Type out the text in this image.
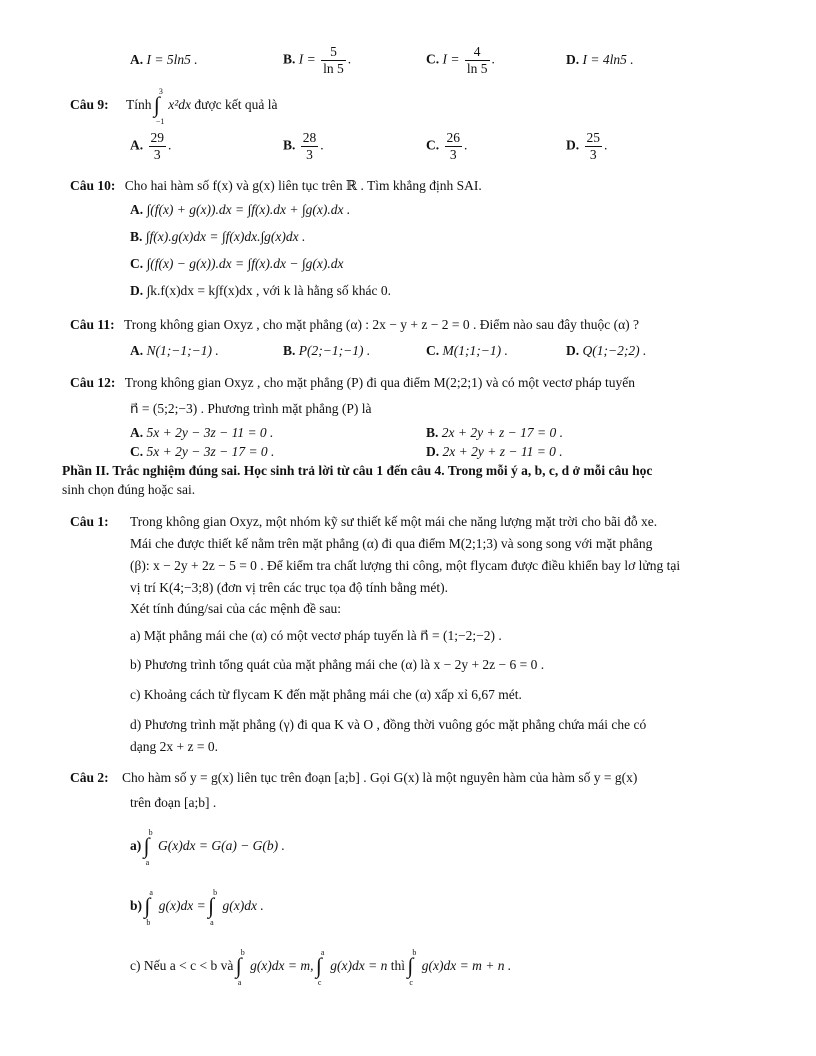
A. I = 5ln5 .	B. $I = \frac{5}{\ln 5}$ .	C. $I = \frac{4}{\ln 5}$ .	D. I = 4ln5 .
Câu 9: Tính
3
∫
−1
x²dx được kết quả là
A. $\frac{29}{3}$ .	B. $\frac{28}{3}$ .	C. $\frac{26}{3}$ .	D. $\frac{25}{3}$ .
Câu 10: Cho hai hàm số f(x) và g(x) liên tục trên ℝ . Tìm khẳng định SAI.
A. ∫(f(x) + g(x)).dx = ∫f(x).dx + ∫g(x).dx .
B. ∫f(x).g(x)dx = ∫f(x)dx.∫g(x)dx .
C. ∫(f(x) − g(x)).dx = ∫f(x).dx − ∫g(x).dx
D. ∫k.f(x)dx = k∫f(x)dx , với k là hằng số khác 0.
Câu 11: Trong không gian Oxyz , cho mặt phẳng (α) : 2x − y + z − 2 = 0 . Điểm nào sau đây thuộc (α) ?
A. N(1;−1;−1) .	B. P(2;−1;−1) .	C. M(1;1;−1) .	D. Q(1;−2;2) .
Câu 12: Trong không gian Oxyz , cho mặt phẳng (P) đi qua điểm M(2;2;1) và có một vectơ pháp tuyến
n⃗ = (5;2;−3) . Phương trình mặt phẳng (P) là
A. 5x + 2y − 3z − 11 = 0 .	B. 2x + 2y + z − 17 = 0 .
C. 5x + 2y − 3z − 17 = 0 .	D. 2x + 2y + z − 11 = 0 .
Phần II. Trắc nghiệm đúng sai. Học sinh trả lời từ câu 1 đến câu 4. Trong mỗi ý a, b, c, d ở mỗi câu học
sinh chọn đúng hoặc sai.
Câu 1: Trong không gian Oxyz, một nhóm kỹ sư thiết kế một mái che năng lượng mặt trời cho bãi đỗ xe.
Mái che được thiết kế nằm trên mặt phẳng (α) đi qua điểm M(2;1;3) và song song với mặt phẳng
(β): x − 2y + 2z − 5 = 0 . Để kiểm tra chất lượng thi công, một flycam được điều khiển bay lơ lửng tại
vị trí K(4;−3;8) (đơn vị trên các trục tọa độ tính bằng mét).
Xét tính đúng/sai của các mệnh đề sau:
a) Mặt phẳng mái che (α) có một vectơ pháp tuyến là n⃗ = (1;−2;−2) .
b) Phương trình tổng quát của mặt phẳng mái che (α) là x − 2y + 2z − 6 = 0 .
c) Khoảng cách từ flycam K đến mặt phẳng mái che (α) xấp xỉ 6,67 mét.
d) Phương trình mặt phẳng (γ) đi qua K và O , đồng thời vuông góc mặt phẳng chứa mái che có
dạng 2x + z = 0.
Câu 2: Cho hàm số y = g(x) liên tục trên đoạn [a;b] . Gọi G(x) là một nguyên hàm của hàm số y = g(x)
trên đoạn [a;b] .
a)
b
∫
a
G(x)dx = G(a) − G(b) .
b)
a
∫
b
g(x)dx =
b
∫
a
g(x)dx .
c) Nếu a < c < b và
b
∫
a
g(x)dx = m,
a
∫
c
g(x)dx = n thì
b
∫
c
g(x)dx = m + n .
